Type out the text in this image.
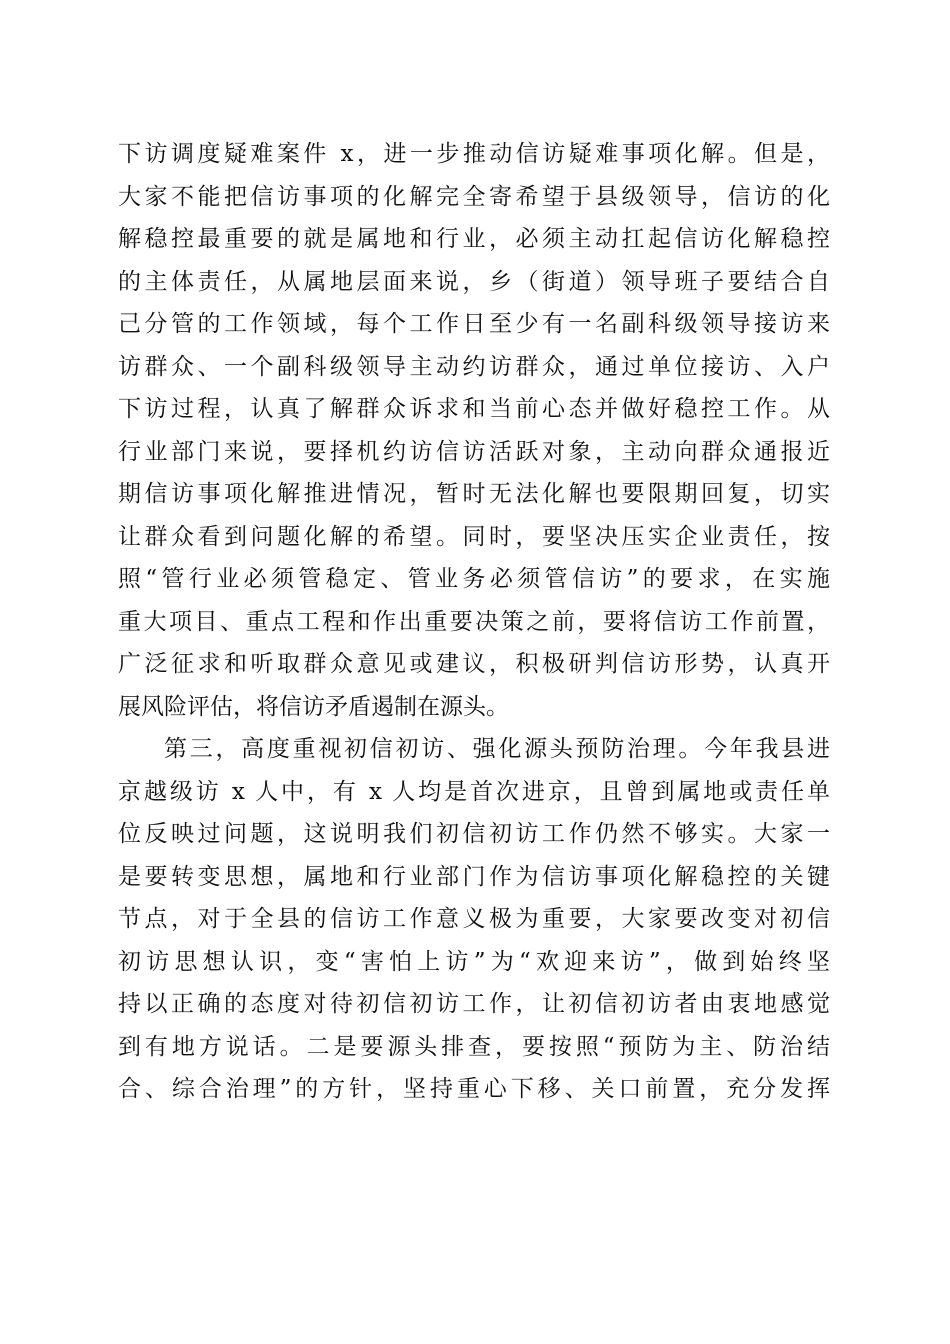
下访调度疑难案件 x，进一步推动信访疑难事项化解。但是，
大家不能把信访事项的化解完全寄希望于县级领导，信访的化
解稳控最重要的就是属地和行业，必须主动扛起信访化解稳控
的主体责任，从属地层面来说，乡（街道）领导班子要结合自
己分管的工作领域，每个工作日至少有一名副科级领导接访来
访群众、一个副科级领导主动约访群众，通过单位接访、入户
下访过程，认真了解群众诉求和当前心态并做好稳控工作。从
行业部门来说，要择机约访信访活跃对象，主动向群众通报近
期信访事项化解推进情况，暂时无法化解也要限期回复，切实
让群众看到问题化解的希望。同时，要坚决压实企业责任，按
照“管行业必须管稳定、管业务必须管信访”的要求，在实施
重大项目、重点工程和作出重要决策之前，要将信访工作前置，
广泛征求和听取群众意见或建议，积极研判信访形势，认真开
展风险评估，将信访矛盾遏制在源头。
第三，高度重视初信初访、强化源头预防治理。今年我县进
京越级访 x 人中，有 x 人均是首次进京，且曾到属地或责任单
位反映过问题，这说明我们初信初访工作仍然不够实。大家一
是要转变思想，属地和行业部门作为信访事项化解稳控的关键
节点，对于全县的信访工作意义极为重要，大家要改变对初信
初访思想认识，变“害怕上访”为“欢迎来访”，做到始终坚
持以正确的态度对待初信初访工作，让初信初访者由衷地感觉
到有地方说话。二是要源头排查，要按照“预防为主、防治结
合、综合治理”的方针，坚持重心下移、关口前置，充分发挥
